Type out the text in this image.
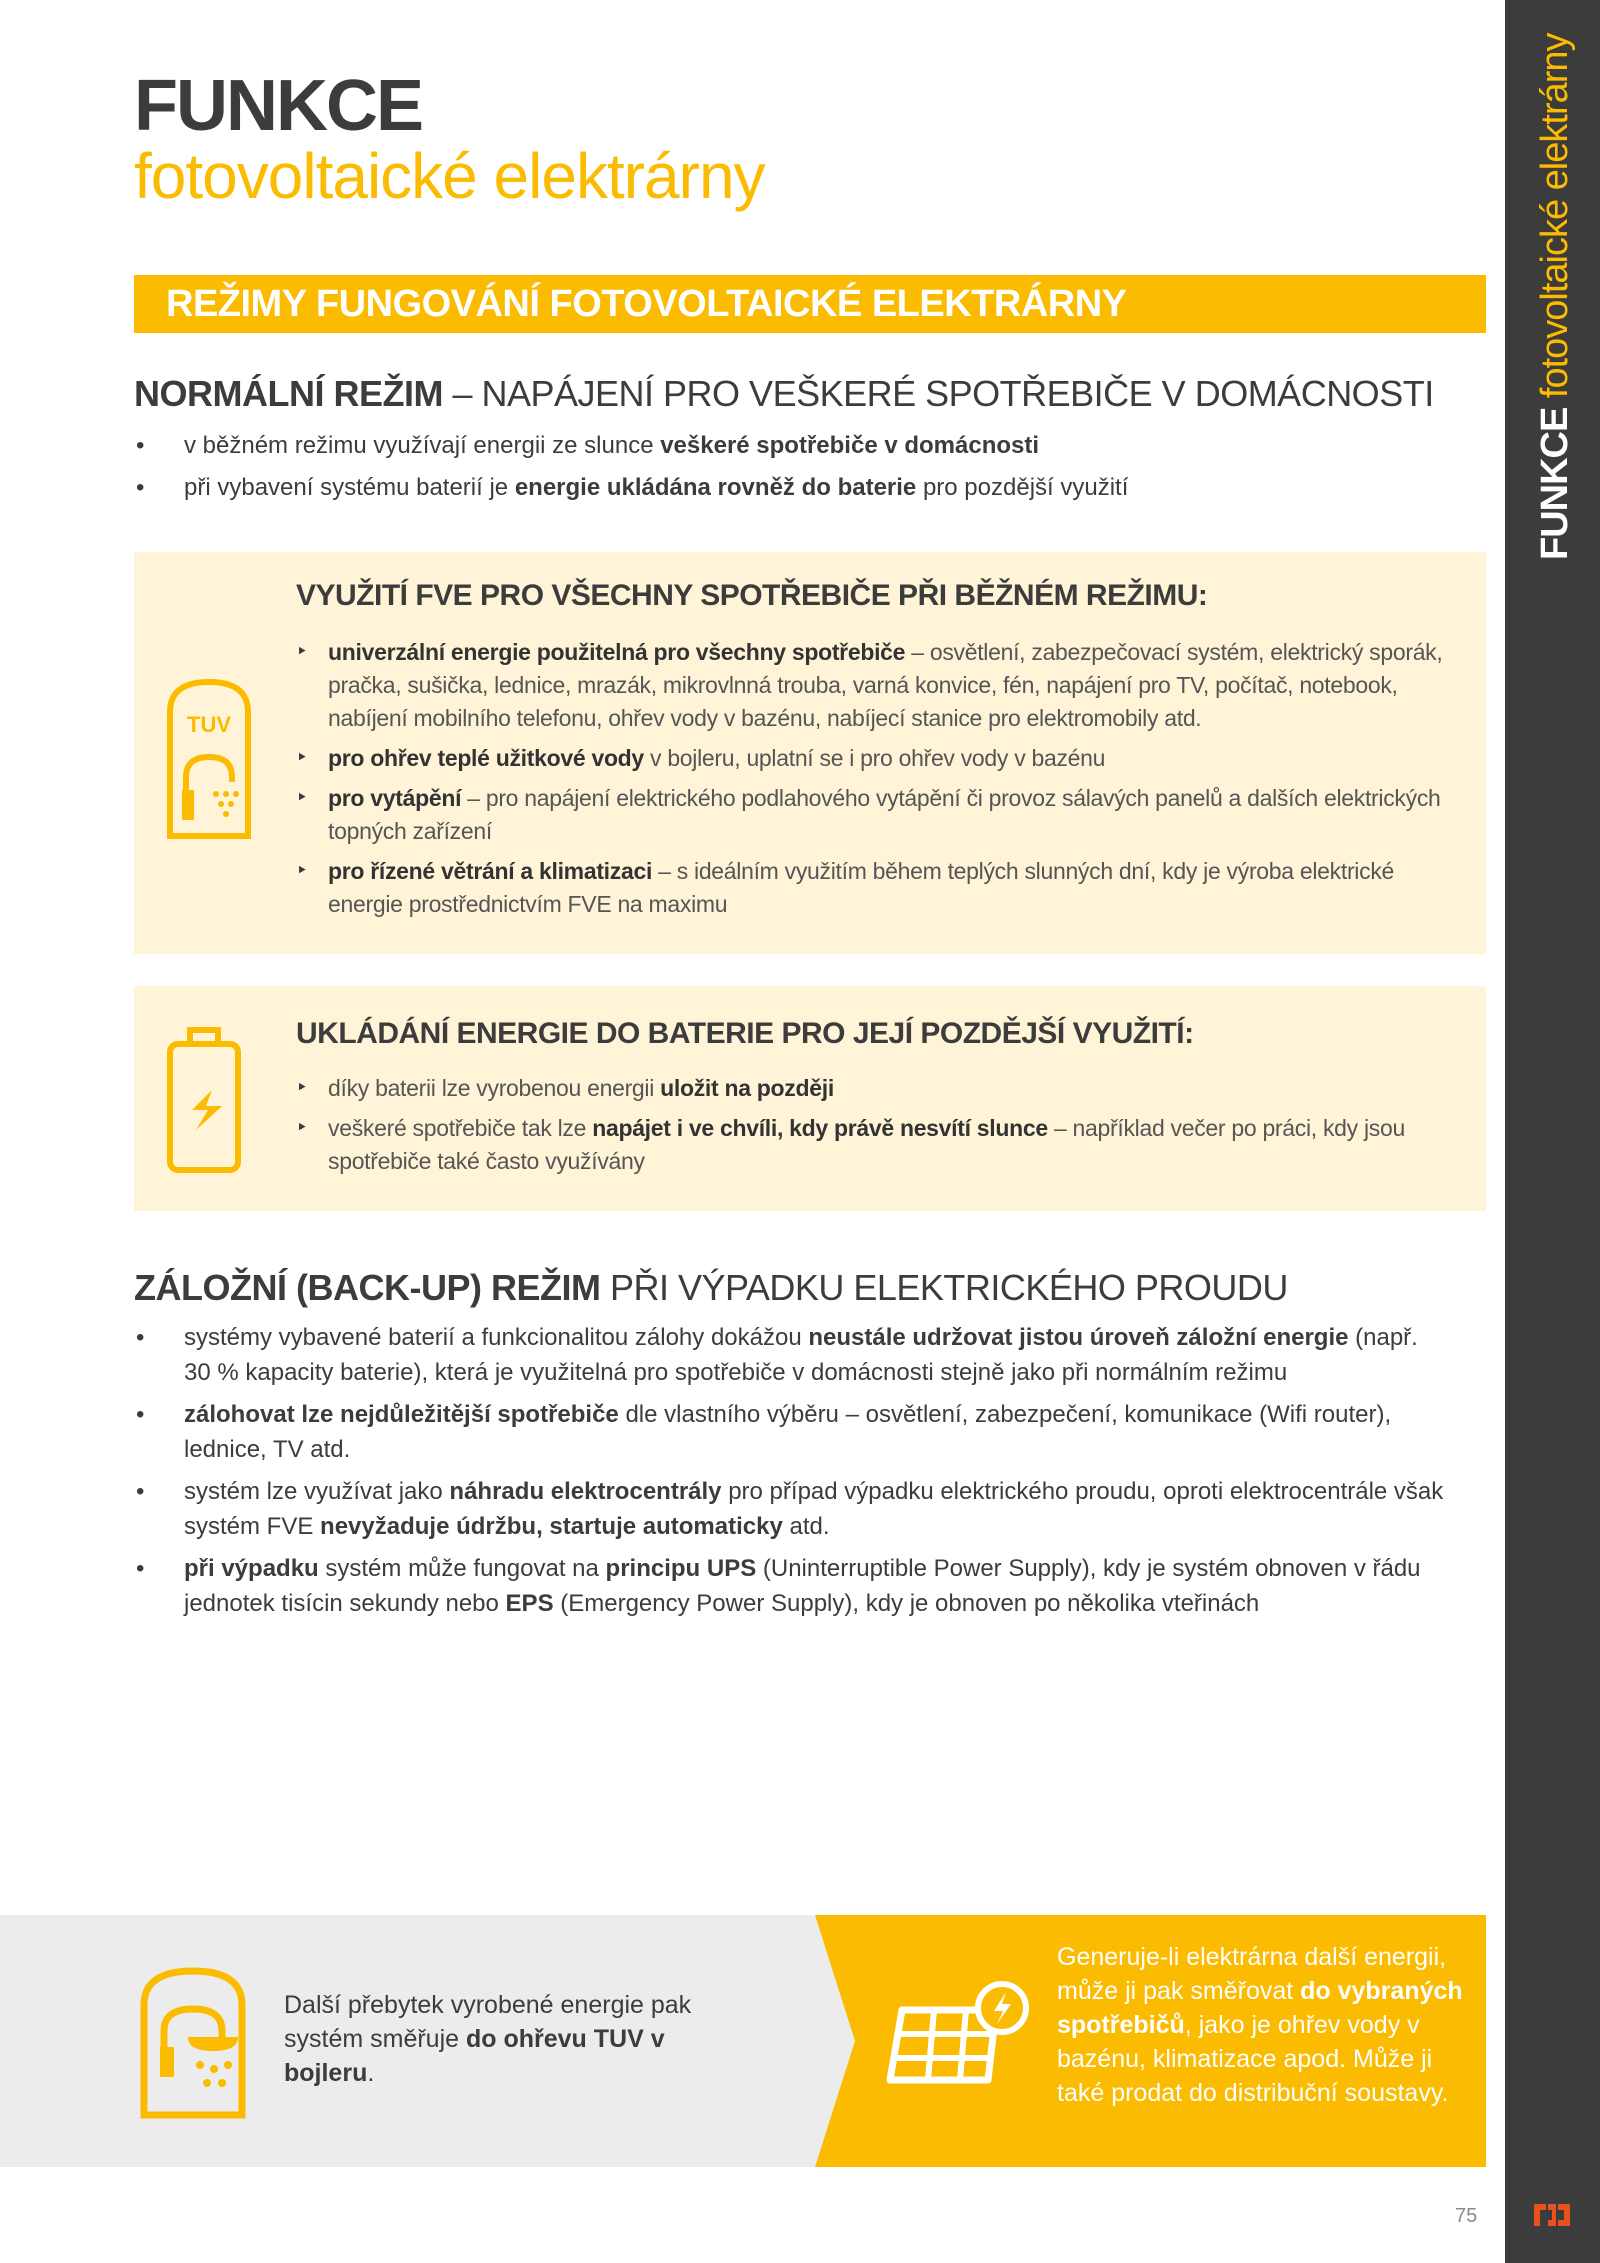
FUNKCE fotovoltaické elektrárny
75
FUNKCE
fotovoltaické elektrárny
REŽIMY FUNGOVÁNÍ FOTOVOLTAICKÉ ELEKTRÁRNY
NORMÁLNÍ REŽIM – NAPÁJENÍ PRO VEŠKERÉ SPOTŘEBIČE V DOMÁCNOSTI
• v běžném režimu využívají energii ze slunce veškeré spotřebiče v domácnosti
• při vybavení systému baterií je energie ukládána rovněž do baterie pro pozdější využití
VYUŽITÍ FVE PRO VŠECHNY SPOTŘEBIČE PŘI BĚŽNÉM REŽIMU:
TUV
‣ univerzální energie použitelná pro všechny spotřebiče – osvětlení, zabezpečovací systém, elektrický sporák, pračka, sušička, lednice, mrazák, mikrovlnná trouba, varná konvice, fén, napájení pro TV, počítač, notebook, nabíjení mobilního telefonu, ohřev vody v bazénu, nabíjecí stanice pro elektromobily atd.
‣ pro ohřev teplé užitkové vody v bojleru, uplatní se i pro ohřev vody v bazénu
‣ pro vytápění – pro napájení elektrického podlahového vytápění či provoz sálavých panelů a dalších elektrických topných zařízení
‣ pro řízené větrání a klimatizaci – s ideálním využitím během teplých slunných dní, kdy je výroba elektrické energie prostřednictvím FVE na maximu
UKLÁDÁNÍ ENERGIE DO BATERIE PRO JEJÍ POZDĚJŠÍ VYUŽITÍ:
‣ díky baterii lze vyrobenou energii uložit na později
‣ veškeré spotřebiče tak lze napájet i ve chvíli, kdy právě nesvítí slunce – například večer po práci, kdy jsou spotřebiče také často využívány
ZÁLOŽNÍ (BACK-UP) REŽIM PŘI VÝPADKU ELEKTRICKÉHO PROUDU
• systémy vybavené baterií a funkcionalitou zálohy dokážou neustále udržovat jistou úroveň záložní energie (např. 30 % kapacity baterie), která je využitelná pro spotřebiče v domácnosti stejně jako při normálním režimu
• zálohovat lze nejdůležitější spotřebiče dle vlastního výběru – osvětlení, zabezpečení, komunikace (Wifi router), lednice, TV atd.
• systém lze využívat jako náhradu elektrocentrály pro případ výpadku elektrického proudu, oproti elektrocentrále však systém FVE nevyžaduje údržbu, startuje automaticky atd.
• při výpadku systém může fungovat na principu UPS (Uninterruptible Power Supply), kdy je systém obnoven v řádu jednotek tisícin sekundy nebo EPS (Emergency Power Supply), kdy je obnoven po několika vteřinách
Další přebytek vyrobené energie pak systém směřuje do ohřevu TUV v bojleru.
Generuje-li elektrárna další energii, může ji pak směřovat do vybraných spotřebičů, jako je ohřev vody v bazénu, klimatizace apod. Může ji také prodat do distribuční soustavy.
